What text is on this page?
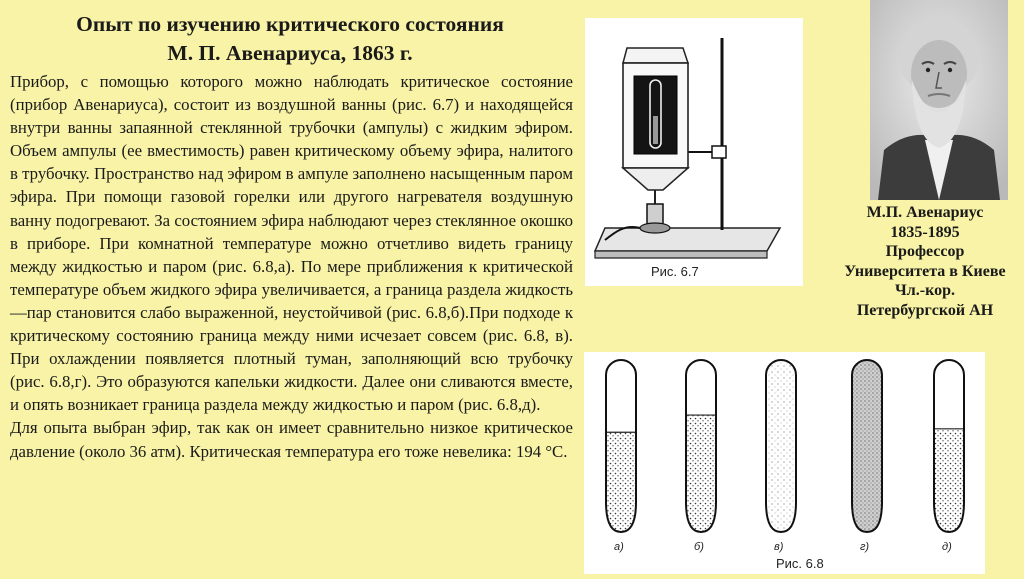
Опыт по изучению критического состояния
М. П. Авенариуса, 1863 г.

Прибор, с помощью которого можно наблюдать критическое состояние (прибор Авенариуса), состоит из воздушной ванны (рис. 6.7) и находящейся внутри ванны запаянной стеклянной трубочки (ампулы) с жидким эфиром. Объем ампулы (ее вместимость) равен критическому объему эфира, налитого в трубочку. Пространство над эфиром в ампуле заполнено насыщенным паром эфира. При помощи газовой горелки или другого нагревателя воздушную ванну подогревают. За состоянием эфира наблюдают через стеклянное окошко в приборе. При комнатной температуре можно отчетливо видеть границу между жидкостью и паром (рис. 6.8,а). По мере приближения к критической температуре объем жидкого эфира увеличивается, а граница раздела жидкость—пар становится слабо выраженной, неустойчивой (рис. 6.8,б).При подходе к критическому состоянию граница между ними исчезает совсем (рис. 6.8, в). При охлаждении появляется плотный туман, заполняющий всю трубочку (рис. 6.8,г). Это образуются капельки жидкости. Далее они сливаются вместе, и опять возникает граница раздела между жидкостью и паром (рис. 6.8,д).

Для опыта выбран эфир, так как он имеет сравнительно низкое критическое давление (около 36 атм). Критическая температура его тоже невелика: 194 °С.

Рис. 6.7
М.П. Авенариус
1835-1895
Профессор
Университета в Киеве
Чл.-кор.
Петербургской АН
а)	б)	в)	г)	д)
Рис. 6.8
